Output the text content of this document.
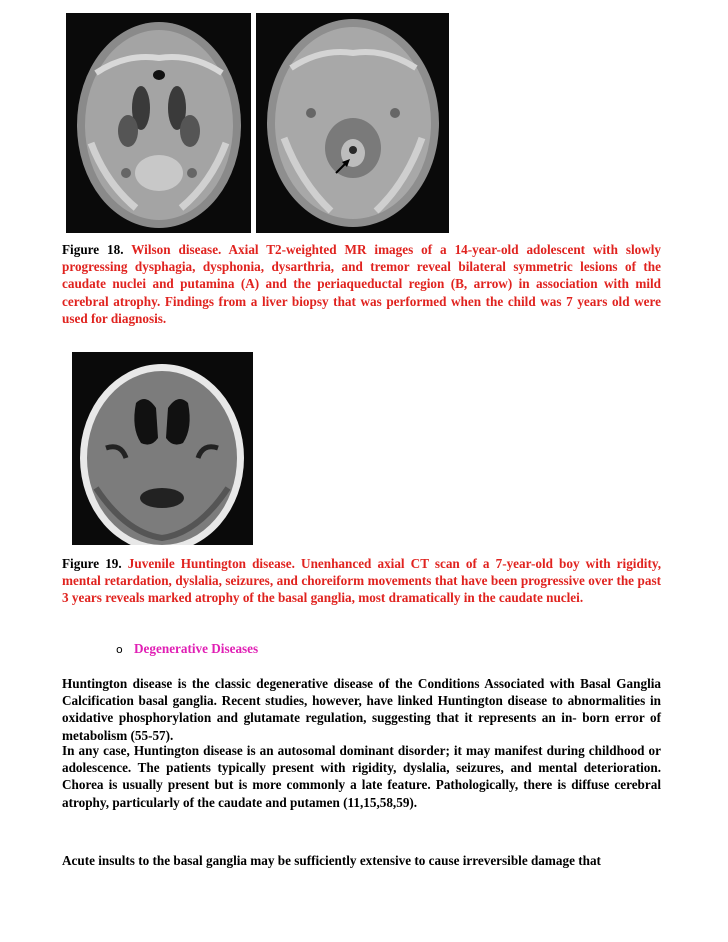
Figure 18. Wilson disease. Axial T2-weighted MR images of a 14-year-old adolescent with slowly progressing dysphagia, dysphonia, dysarthria, and tremor reveal bilateral symmetric lesions of the caudate nuclei and putamina (A) and the periaqueductal region (B, arrow) in association with mild cerebral atrophy. Findings from a liver biopsy that was performed when the child was 7 years old were used for diagnosis.
Figure 19. Juvenile Huntington disease. Unenhanced axial CT scan of a 7-year-old boy with rigidity, mental retardation, dyslalia, seizures, and choreiform movements that have been progressive over the past 3 years reveals marked atrophy of the basal ganglia, most dramatically in the caudate nuclei.
o Degenerative Diseases
Huntington disease is the classic degenerative disease of the Conditions Associated with Basal Ganglia Calcification basal ganglia. Recent studies, however, have linked Huntington disease to abnormalities in oxidative phosphorylation and glutamate regulation, suggesting that it represents an in- born error of metabolism (55-57).
In any case, Huntington disease is an autosomal dominant disorder; it may manifest during childhood or adolescence. The patients typically present with rigidity, dyslalia, seizures, and mental deterioration. Chorea is usually present but is more commonly a late feature. Pathologically, there is diffuse cerebral atrophy, particularly of the caudate and putamen (11,15,58,59).
Acute insults to the basal ganglia may be sufficiently extensive to cause irreversible damage that
